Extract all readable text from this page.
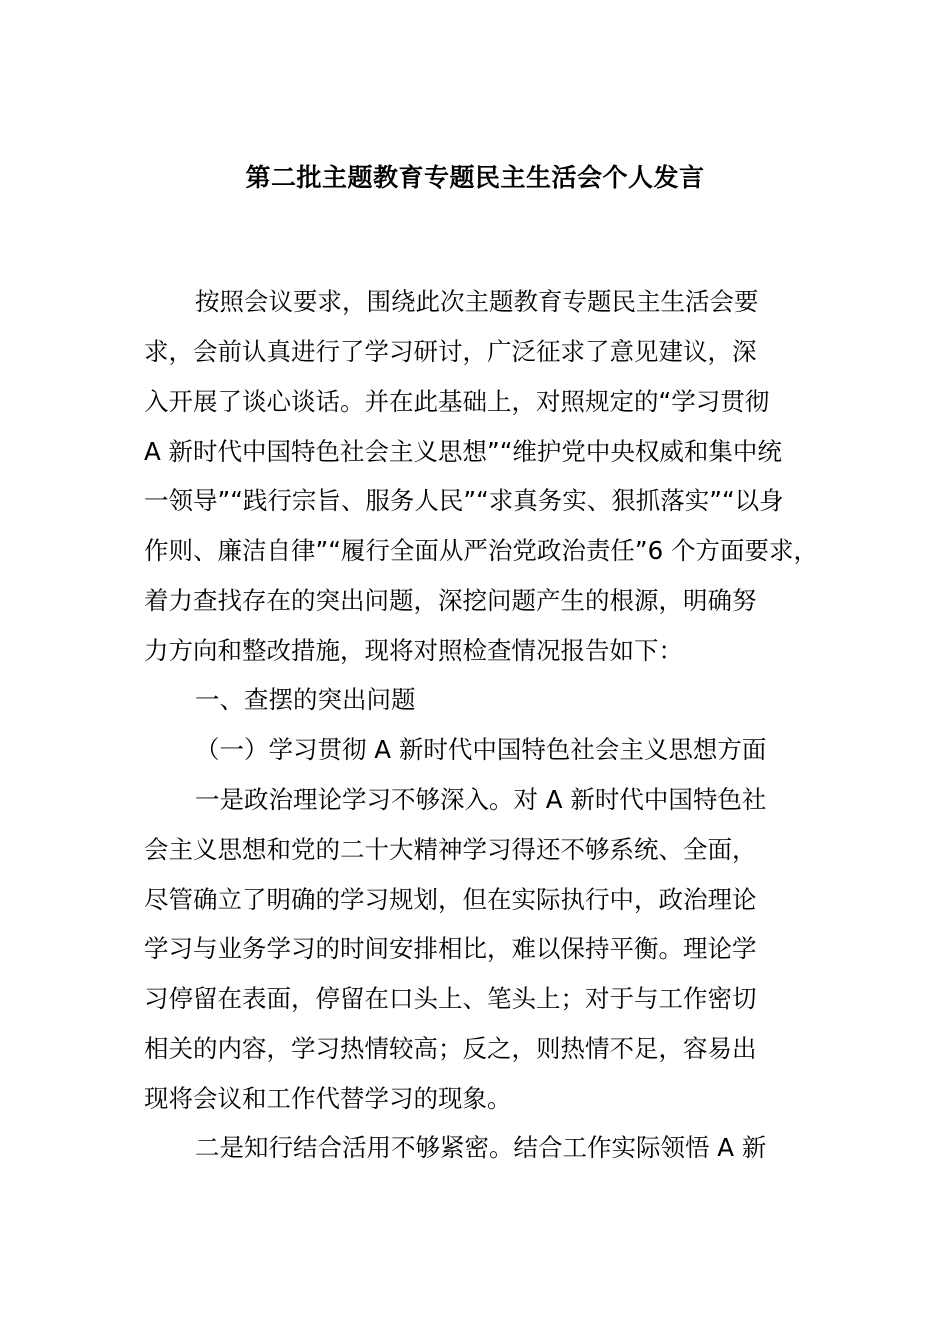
第二批主题教育专题民主生活会个人发言
按照会议要求，围绕此次主题教育专题民主生活会要
求，会前认真进行了学习研讨，广泛征求了意见建议，深
入开展了谈心谈话。并在此基础上，对照规定的“学习贯彻
A 新时代中国特色社会主义思想”“维护党中央权威和集中统
一领导”“践行宗旨、服务人民”“求真务实、狠抓落实”“以身
作则、廉洁自律”“履行全面从严治党政治责任”6 个方面要求，
着力查找存在的突出问题，深挖问题产生的根源，明确努
力方向和整改措施，现将对照检查情况报告如下：
一、查摆的突出问题
（一）学习贯彻 A 新时代中国特色社会主义思想方面
一是政治理论学习不够深入。对 A 新时代中国特色社
会主义思想和党的二十大精神学习得还不够系统、全面，
尽管确立了明确的学习规划，但在实际执行中，政治理论
学习与业务学习的时间安排相比，难以保持平衡。理论学
习停留在表面，停留在口头上、笔头上；对于与工作密切
相关的内容，学习热情较高；反之，则热情不足，容易出
现将会议和工作代替学习的现象。
二是知行结合活用不够紧密。结合工作实际领悟 A 新
